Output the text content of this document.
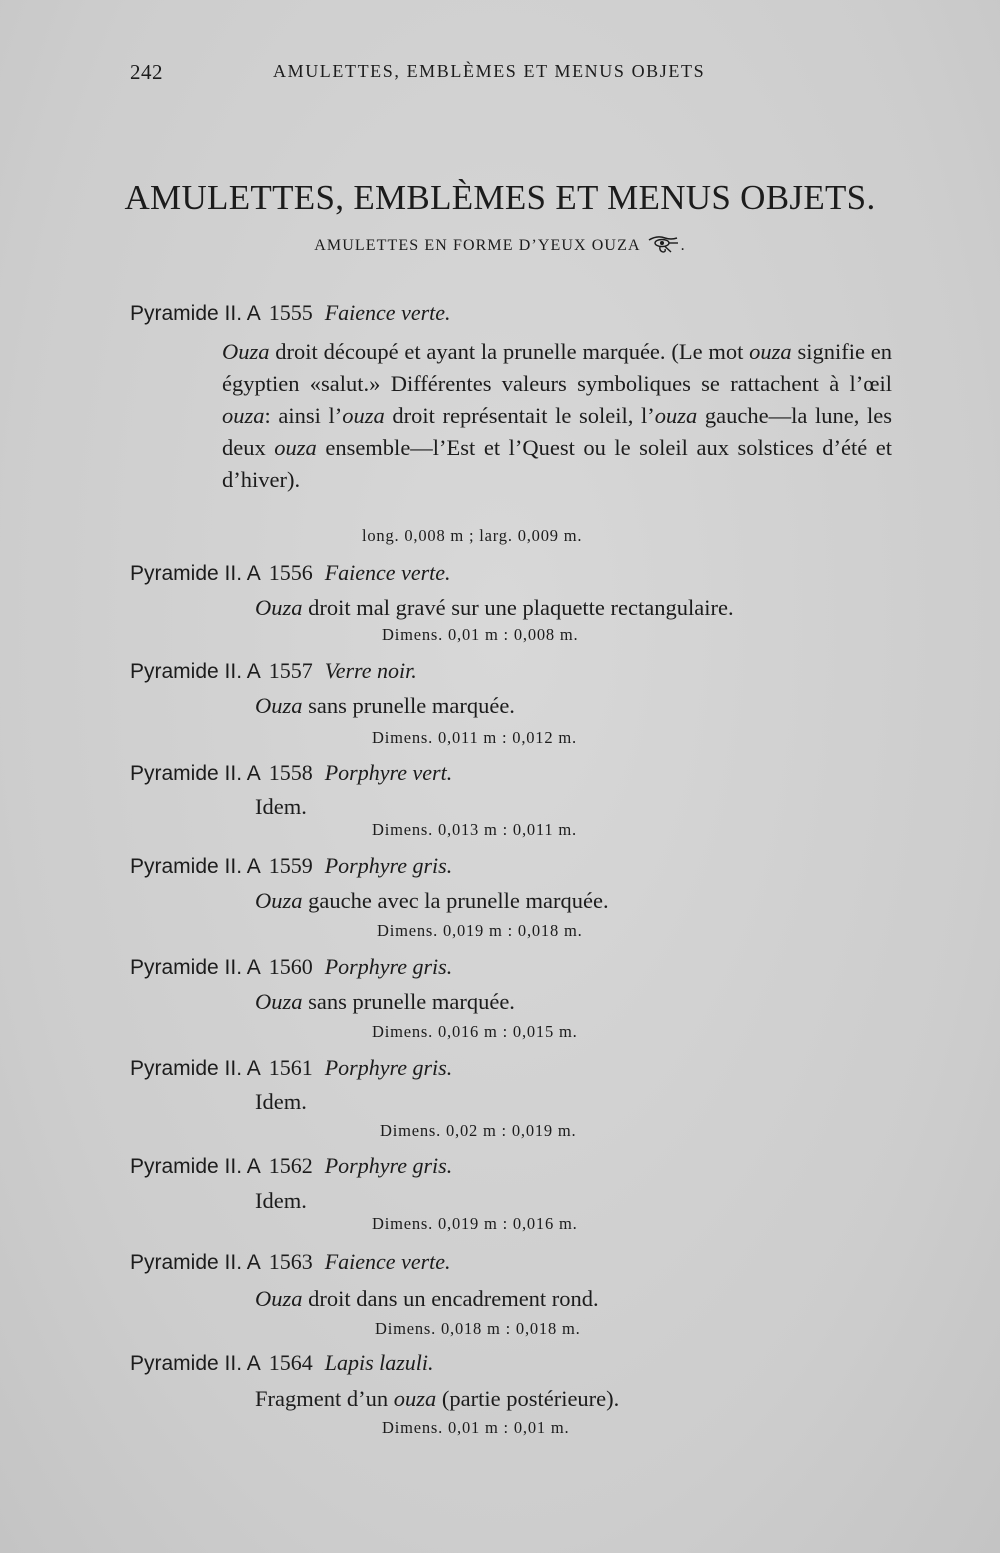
242	AMULETTES, EMBLÈMES ET MENUS OBJETS
AMULETTES, EMBLÈMES ET MENUS OBJETS.
AMULETTES EN FORME D’YEUX OUZA	.
Pyramide II. A 1555 Faience verte.
Ouza droit découpé et ayant la prunelle marquée. (Le mot ouza signifie en égyptien «salut.» Différentes valeurs symboliques se rattachent à l’œil ouza: ainsi l’ouza droit représentait le soleil, l’ouza gauche—la lune, les deux ouza ensemble—l’Est et l’Quest ou le soleil aux solstices d’été et d’hiver).
long. 0,008 m ; larg. 0,009 m.
Pyramide II. A 1556 Faience verte.
Ouza droit mal gravé sur une plaquette rectangulaire.
Dimens. 0,01 m : 0,008 m.
Pyramide II. A 1557 Verre noir.
Ouza sans prunelle marquée.
Dimens. 0,011 m : 0,012 m.
Pyramide II. A 1558 Porphyre vert.
Idem.
Dimens. 0,013 m : 0,011 m.
Pyramide II. A 1559 Porphyre gris.
Ouza gauche avec la prunelle marquée.
Dimens. 0,019 m : 0,018 m.
Pyramide II. A 1560 Porphyre gris.
Ouza sans prunelle marquée.
Dimens. 0,016 m : 0,015 m.
Pyramide II. A 1561 Porphyre gris.
Idem.
Dimens. 0,02 m : 0,019 m.
Pyramide II. A 1562 Porphyre gris.
Idem.
Dimens. 0,019 m : 0,016 m.
Pyramide II. A 1563 Faience verte.
Ouza droit dans un encadrement rond.
Dimens. 0,018 m : 0,018 m.
Pyramide II. A 1564 Lapis lazuli.
Fragment d’un ouza (partie postérieure).
Dimens. 0,01 m : 0,01 m.
